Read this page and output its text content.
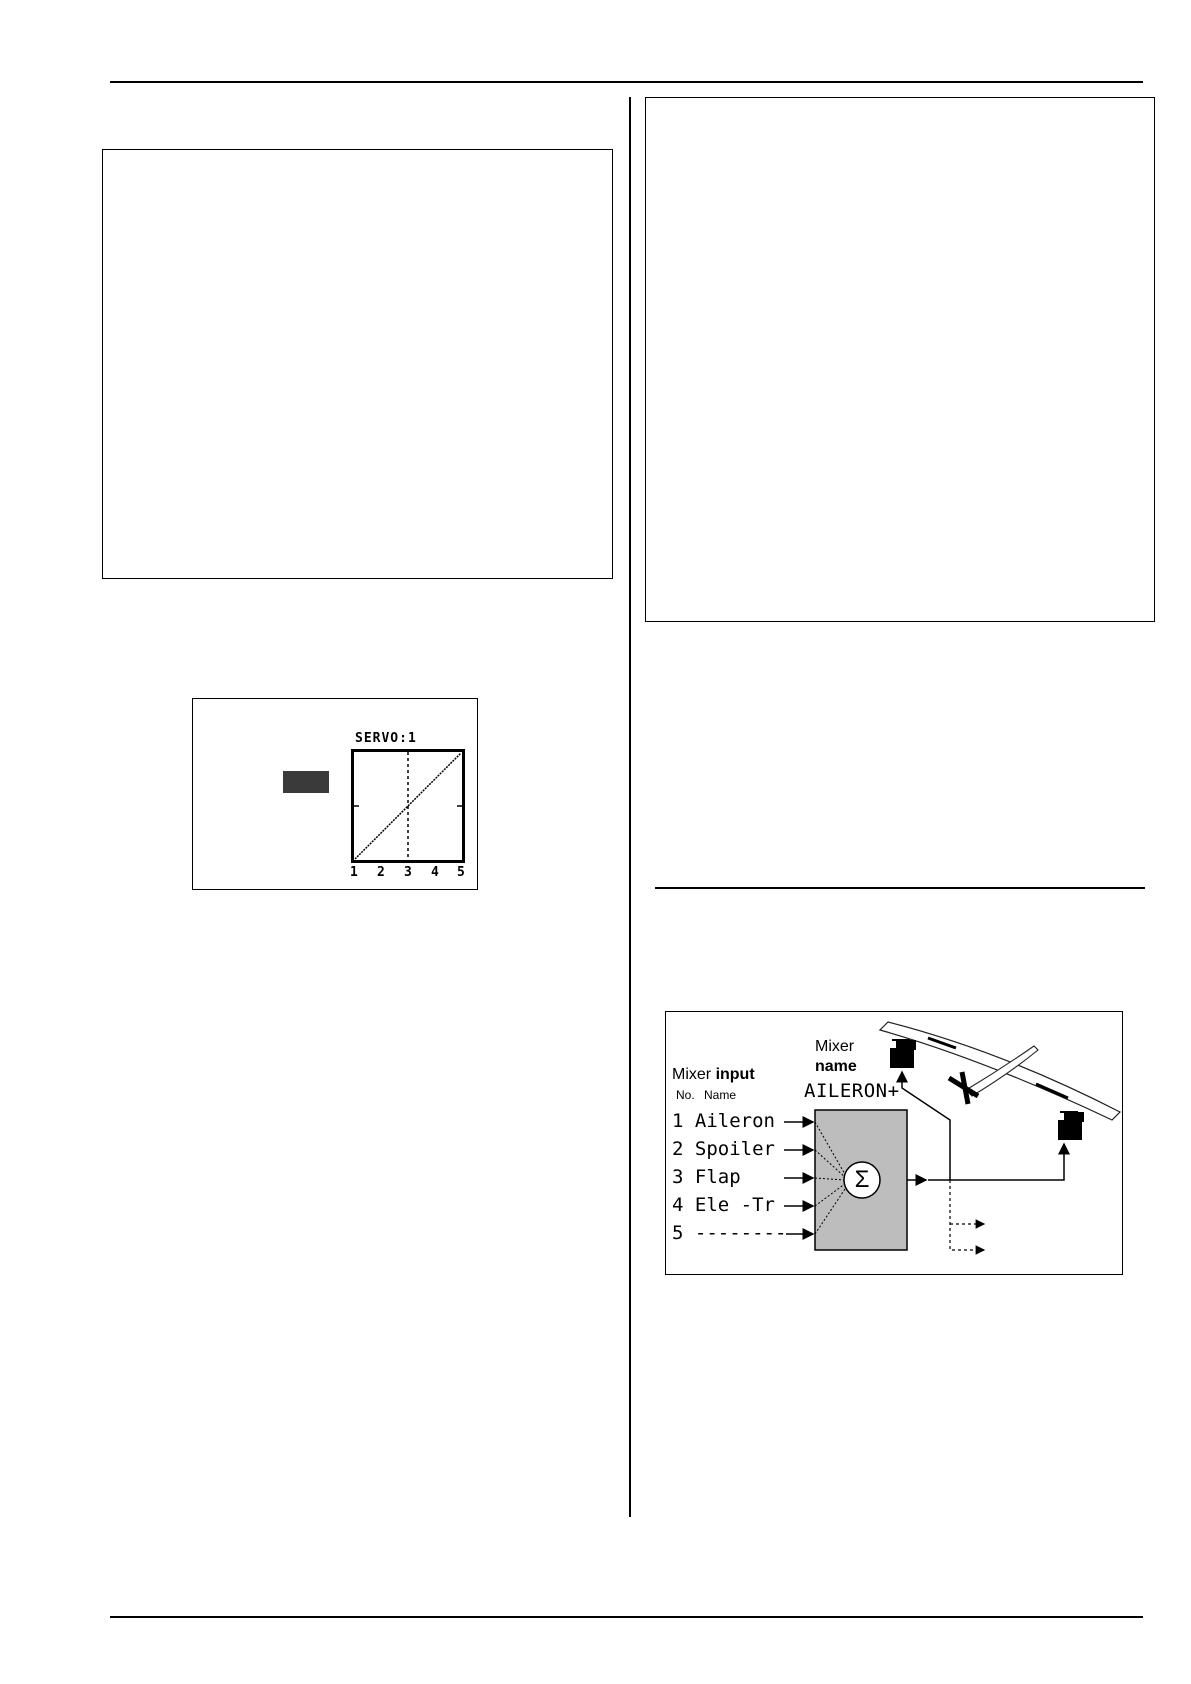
SERVO:1
1 2 3 4 5
Mixer
name
AILERON+
Mixer input
No. Name
1 Aileron
2 Spoiler
3 Flap
4 Ele -Tr
5 --------
Σ
